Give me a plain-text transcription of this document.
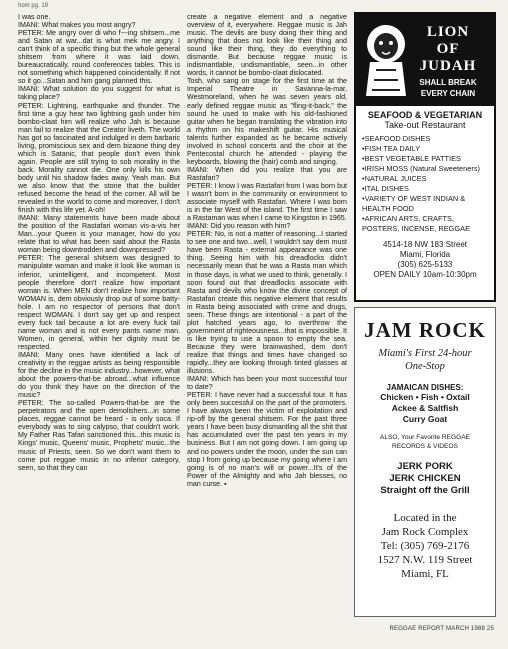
hom pg. 19
I was one.
IMANI: What makes you most angry?
PETER: Me angry over di who f---ing shitsem...me and Satan at war...dat is what mek me angry. I can't think of a specific thing but the whole general shitsem from where it was laid down, bureaucratically, round conferences tables. This is not something which happened coincidentally. If not so it go...Satan and him gang planned this.
IMANI: What solution do you suggest for what is taking place?
PETER: Lightning, earthquake and thunder. The first time a guy hear two lightning gash under him bombo-claat him will realize who Jah is because man fail to realize that the Creator liveth. The world has got so fascinated and indulged in dem barbaric living, promiscious sex and dem bizaone thing dey which is Satanic, that people don't even think again. People are still trying to sob morality in the back. Morality cannot die. One only kills his own body until his shadow fades away. Yeah man. But we also know that the stone that the builder refused become the head of the corner. All will be revealed in the world to come and moreover, I don't finish with this life yet. A-oh!
IMANI: Many statements have been made about the position of the Rastafari woman vis-a-vis her Man...your Queen is your manager, how do you relate that to what has been said about the Rasta woman being downtrodden and downpressed?
PETER: The general shitsem was designed to manipulate woman and make it look like woman is inferior, unintelligent, and incompetent. Most people therefore don't realize how important woman is. When MEN don't realize how important WOMAN is, dem obviously drop out of some batty-hole. I am no respector of persons that don't respect WOMAN. I don't say get up and respect every fuck tail because a lot are every fuck tail name woman and is not every pants name man. Women, in general, within her dignity must be respected.
IMANI: Many ones have identified a lack of creativity in the reggae artists as being responsible for the decline in the music industry...however, what about the powers-that-be abroad...what influence do you think they have on the direction of the music?
PETER: The so-called Powers-that-be are the perpetrators and the open demolishers...in some places, reggae cannot be heard - is only soca. If everybody was to sing calypso, that couldn't work. My Father Ras Tafari sanctioned this...this music is Kings' music, Queens' music, Prophets' music...the music of Priests, seen. So we don't want them to come put reggae music in no inferior category, seen, so that they can
create a negative element and a negative overview of it, everywhere. Reggae music is Jah music. The devils are busy doing their thing and anything that does not look like their thing and sound like their thing, they do everything to dismantle. But because reggae music is indismantlable, undismantlable, seen...in other words, it cannot be bombo-claat dislocated.
Tosh, who sang on stage for the first time at the Imperial Theatre in Savanna-la-mar, Westmoreland, when he was seven years old, early defined reggae music as "fling-it-back," the sound he used to make with his old-fashioned guitar when he began translating the vibration into a rhythm on his makeshift guitar. His musical talents further expanded as he became actively involved in school concerts and the choir at the Pentecostal church he attended - playing the keyboards, blowing the (hair) comb and singing.
IMANI: When did you realize that you are Rastafari?
PETER: I know I was Rastafari from I was born but I wasn't born in the community or environment to associate myself with Rastafari. Where I was born is in the far West of the island. The first time I saw a Rastaman was when I came to Kingston in 1965.
IMANI: Did you reason with him?
PETER: No, is not a matter of reasoning...I started to see one and two...well, I wouldn't say dem must have been Rasta - external appearance was one thing. Seeing him with his dreadlocks didn't necessarily mean that he was a Rasta man which in those days, is what we used to think, generally. I soon found out that dreadlocks associate with Rasta and devils who know the divine concept of Rastafari create this negative element that results in Rasta being associated with crime and drugs, seen. These things are intentional - a part of the plot hatched years ago, to overthrow the government of righteousness...that is impossible. It is like trying to use a spoon to empty the sea. Because they were brainwashed, dem don't realize that things and times have changed so rapidly...they are looking through tinted glasses at illusions.
IMANI: Which has been your most successful tour to date?
PETER: I have never had a successful tour. It has only been successful on the part of the promoters. I have always been the victim of exploitation and rip-off by the general shitsem. For the past three years I have been busy dismantling all the shit that has accumulated over the past ten years in my business. But I am not going down. I am going up and no powers under the moon, under the sun can stop I from going up because my going where I am going is of no man's will or power...It's of the Power of the Almighty and who Jah blesses, no man curse. ▪
LION
OF
JUDAH
SHALL BREAK
EVERY CHAIN
SEAFOOD & VEGETARIAN
Take-out Restaurant
•SEAFOOD DISHES
•FISH TEA DAILY
•BEST VEGETABLE PATTIES
•IRISH MOSS (Natural Sweeteners)
•NATURAL JUICES
•ITAL DISHES
•VARIETY OF WEST INDIAN & HEALTH FOOD
•AFRICAN ARTS, CRAFTS, POSTERS, INCENSE, REGGAE
4514-18 NW 183 Street
Miami, Florida
(305) 625-5133
OPEN DAILY 10am-10:30pm
JAM ROCK
Miami's First 24-hour
One-Stop
JAMAICAN DISHES:
Chicken • Fish • Oxtail
Ackee & Saltfish
Curry Goat
ALSO, Your Favorite REGGAE
RECORDS & VIDEOS
JERK PORK
JERK CHICKEN
Straight off the Grill
Located in the
Jam Rock Complex
Tel: (305) 769-2176
1527 N.W. 119 Street
Miami, FL
REGGAE REPORT MARCH 1988 25
